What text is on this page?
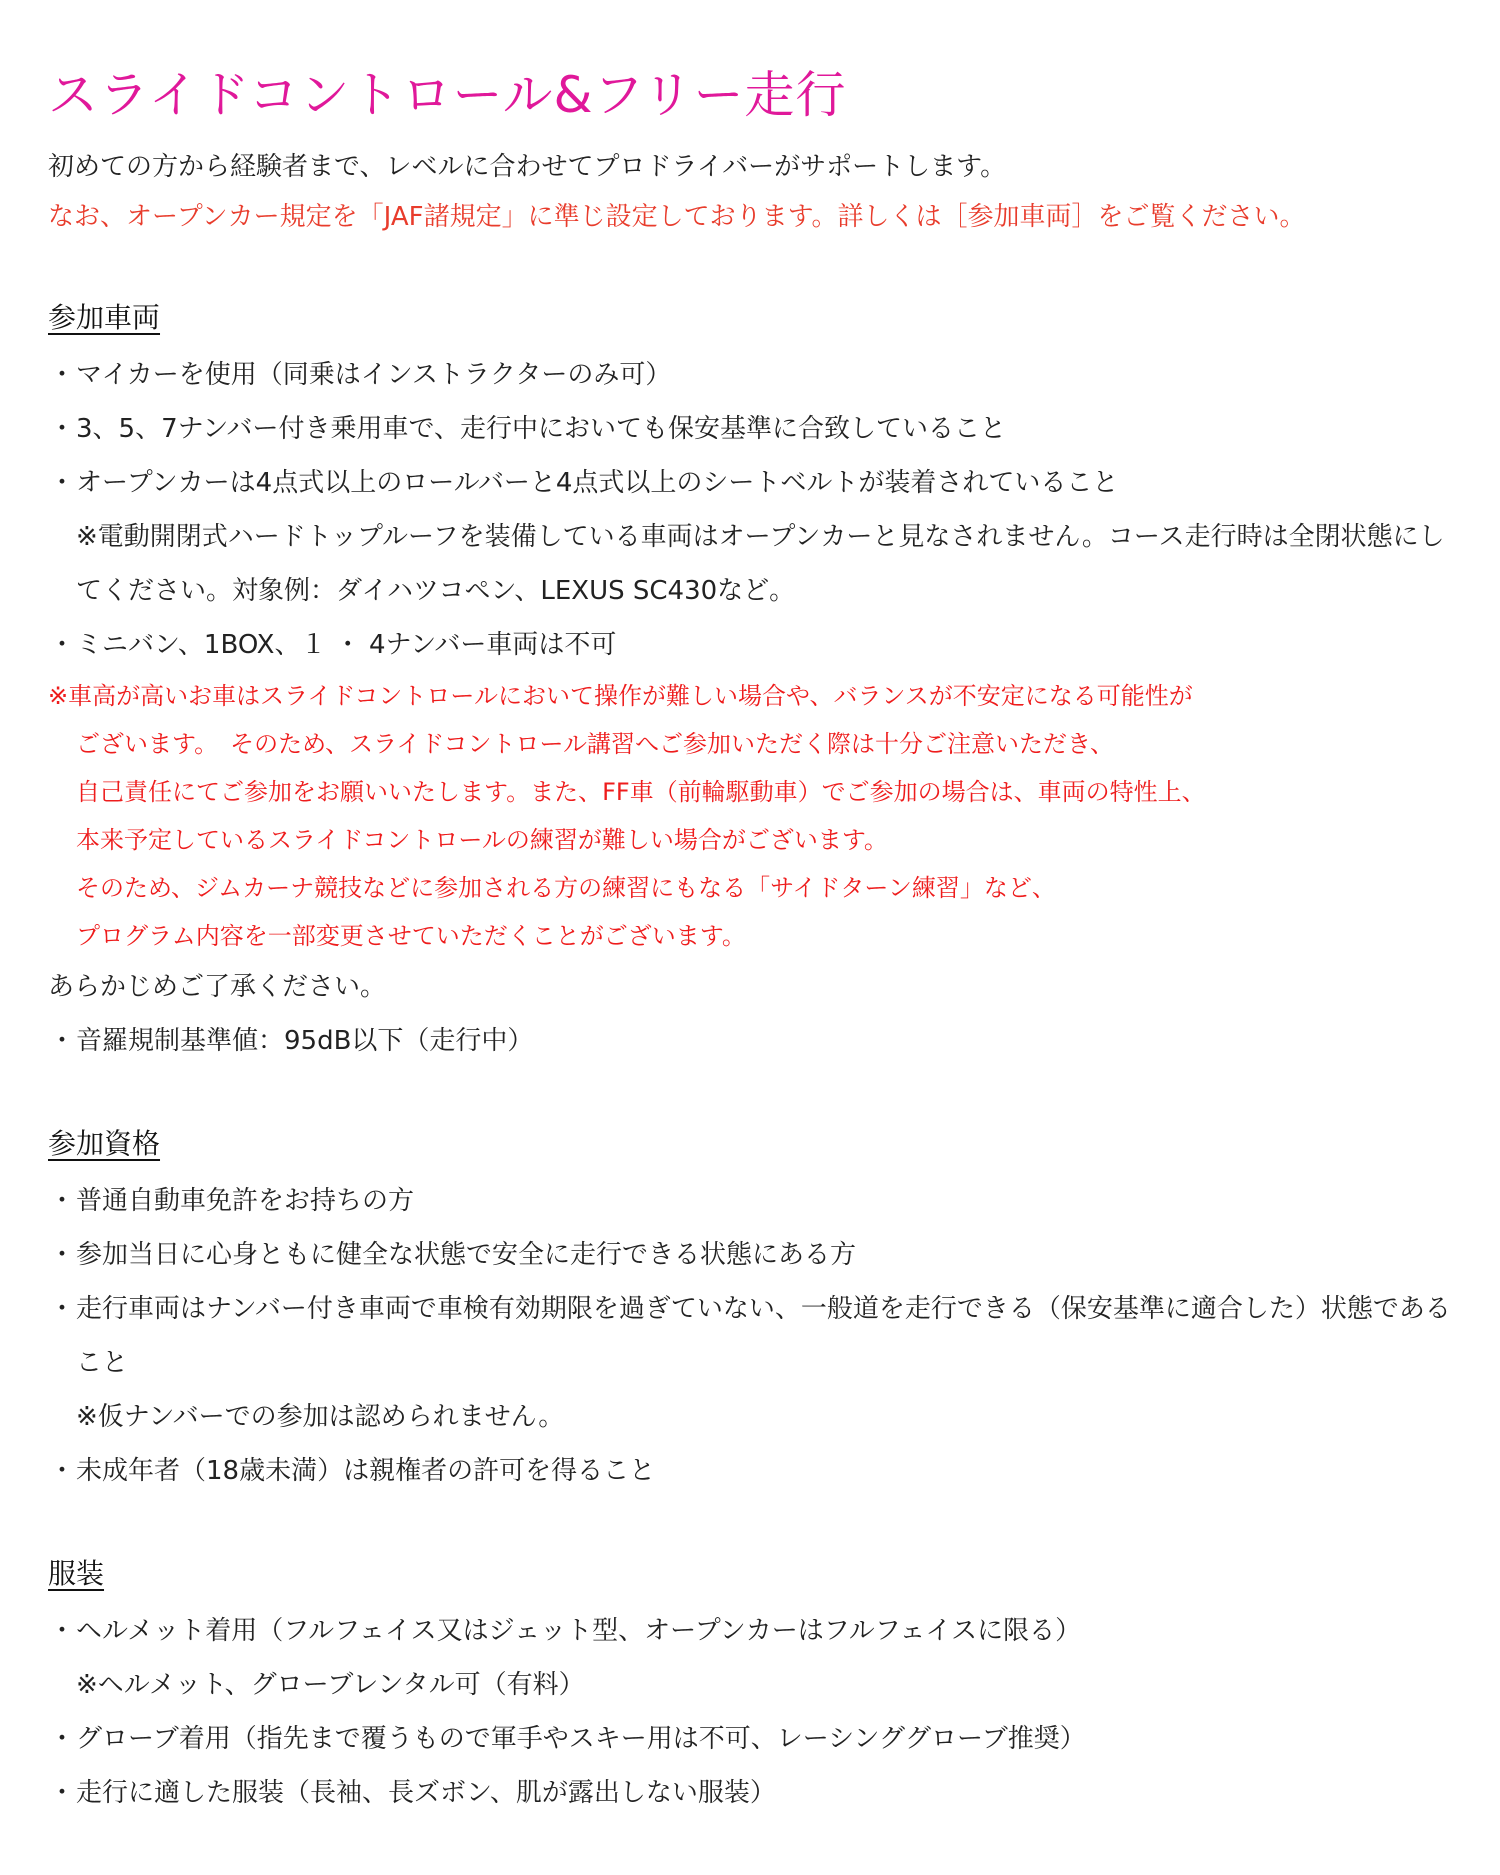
スライドコントロール&フリー走行
初めての方から経験者まで、レベルに合わせてプロドライバーがサポートします。
なお、オープンカー規定を「JAF諸規定」に準じ設定しております。詳しくは［参加車両］をご覧ください。
参加車両
・ マイカーを使用（同乗はインストラクターのみ可）
・ 3、5、7ナンバー付き乗用車で、走行中においても保安基準に合致していること
・ オープンカーは4点式以上のロールバーと4点式以上のシートベルトが装着されていること
※電動開閉式ハードトップルーフを装備している車両はオープンカーと見なされません。コース走行時は全閉状態にしてください。対象例：ダイハツコペン、LEXUS SC430など。
・ ミニバン、1BOX、１ ・ 4ナンバー車両は不可
※車高が高いお車はスライドコントロールにおいて操作が難しい場合や、バランスが不安定になる可能性が
ございます。　そのため、スライドコントロール講習へご参加いただく際は十分ご注意いただき、
自己責任にてご参加をお願いいたします。また、FF車（前輪駆動車）でご参加の場合は、車両の特性上、
本来予定しているスライドコントロールの練習が難しい場合がございます。
そのため、ジムカーナ競技などに参加される方の練習にもなる「サイドターン練習」など、
プログラム内容を一部変更させていただくことがございます。
あらかじめご了承ください。
・ 音羅規制基準値：95dB以下（走行中）
参加資格
・ 普通自動車免許をお持ちの方
・ 参加当日に心身ともに健全な状態で安全に走行できる状態にある方
・ 走行車両はナンバー付き車両で車検有効期限を過ぎていない、一般道を走行できる（保安基準に適合した）状態であること
※仮ナンバーでの参加は認められません。
・ 未成年者（18歳未満）は親権者の許可を得ること
服装
・ ヘルメット着用（フルフェイス又はジェット型、オープンカーはフルフェイスに限る）
※ヘルメット、グローブレンタル可（有料）
・ グローブ着用（指先まで覆うもので軍手やスキー用は不可、レーシンググローブ推奨）
・ 走行に適した服装（長袖、長ズボン、肌が露出しない服装）
